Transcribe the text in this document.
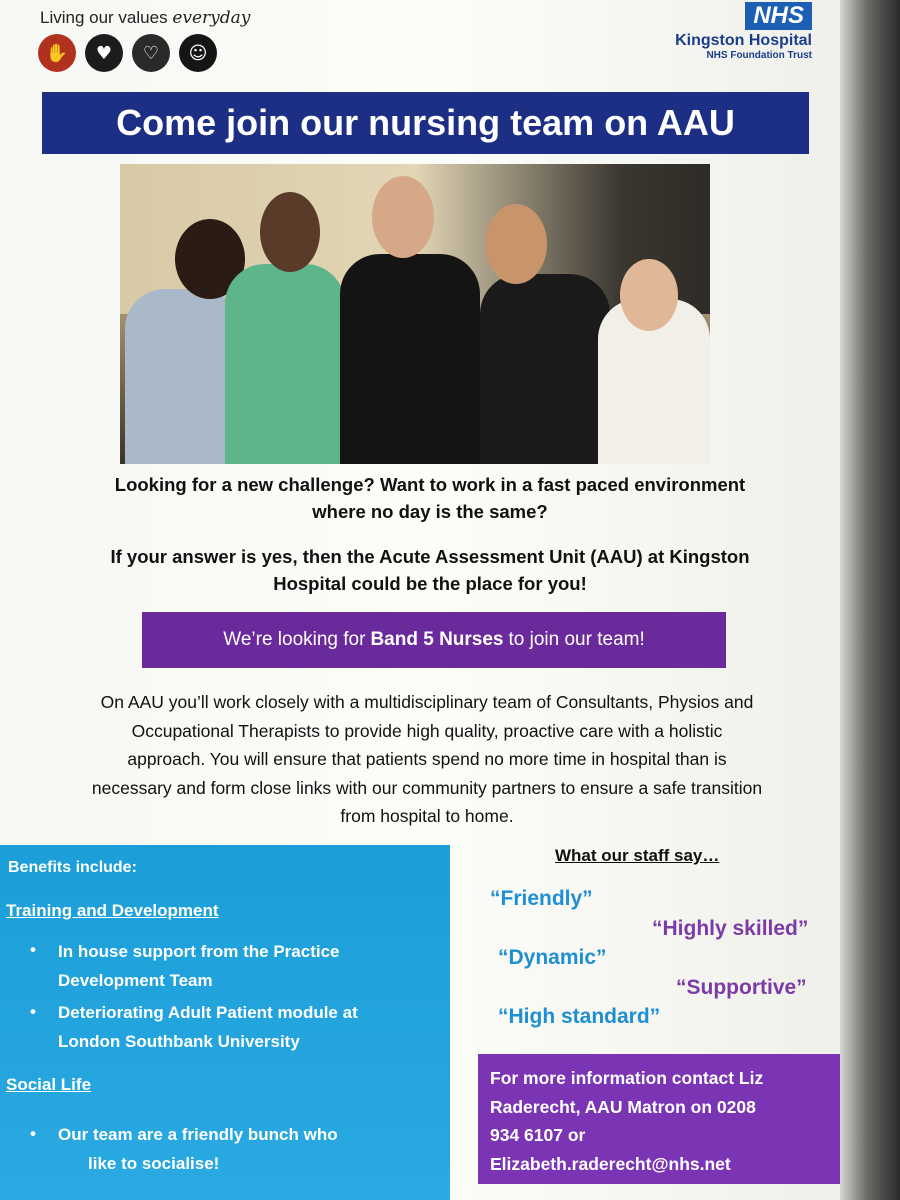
Living our values everyday
✋	♥	♡	☺
NHS
Kingston Hospital
NHS Foundation Trust
Come join our nursing team on AAU
Looking for a new challenge? Want to work in a fast paced environment
where no day is the same?
If your answer is yes, then the Acute Assessment Unit (AAU) at Kingston
Hospital could be the place for you!
We’re looking for Band 5 Nurses to join our team!
On AAU you’ll work closely with a multidisciplinary team of Consultants, Physios and
Occupational Therapists to provide high quality, proactive care with a holistic
approach. You will ensure that patients spend no more time in hospital than is
necessary and form close links with our community partners to ensure a safe transition
from hospital to home.
Benefits include:
Training and Development
• In house support from the Practice
Development Team
• Deteriorating Adult Patient module at
London Southbank University
Social Life
• Our team are a friendly bunch who
like to socialise!
What our staff say…
“Friendly”
“Highly skilled”
“Dynamic”
“Supportive”
“High standard”
For more information contact Liz
Raderecht, AAU Matron on 0208
934 6107 or
Elizabeth.raderecht@nhs.net
